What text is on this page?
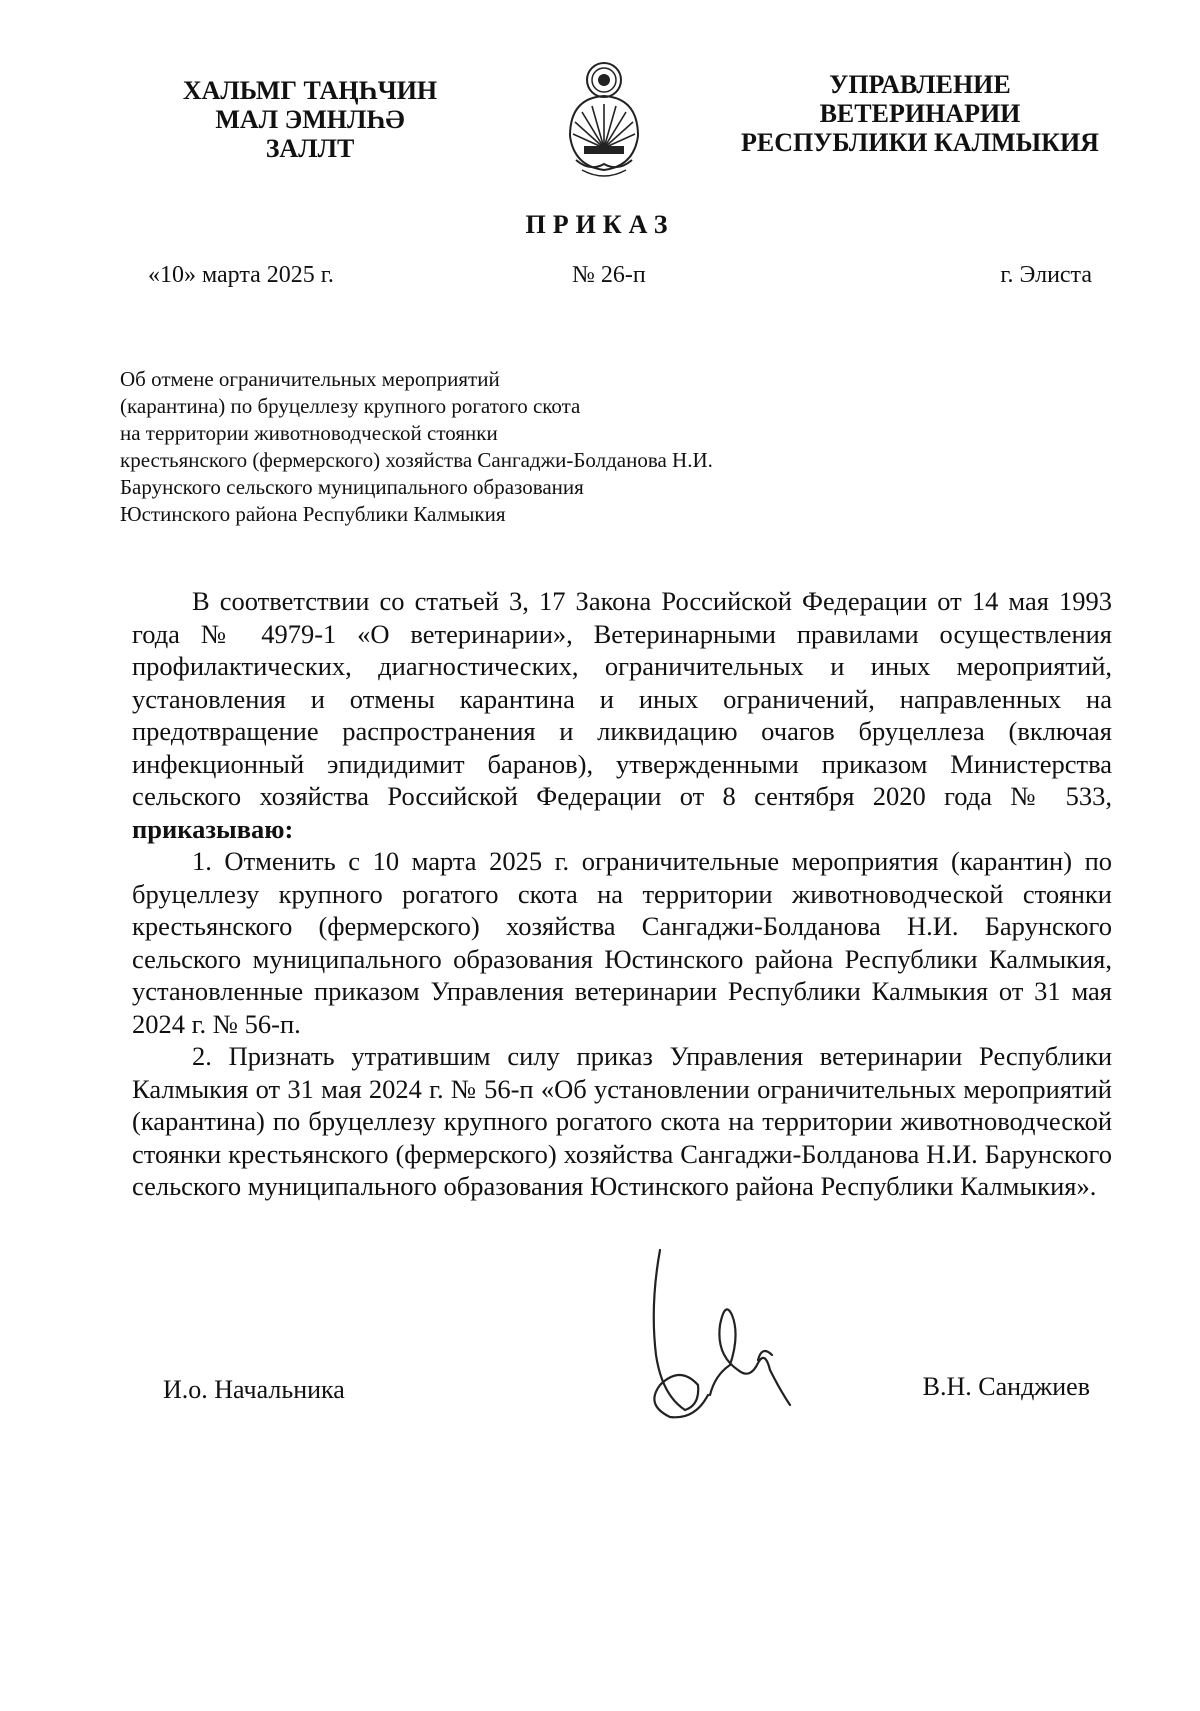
ХАЛЬМГ ТАҢҺЧИН
МАЛ ЭМНЛҺӘ
ЗАЛЛТ
УПРАВЛЕНИЕ
ВЕТЕРИНАРИИ
РЕСПУБЛИКИ КАЛМЫКИЯ
ПРИКАЗ
«10» марта 2025 г.	№ 26-п	г. Элиста
Об отмене ограничительных мероприятий
(карантина) по бруцеллезу крупного рогатого скота
на территории животноводческой стоянки
крестьянского (фермерского) хозяйства Сангаджи-Болданова Н.И.
Барунского сельского муниципального образования
Юстинского района Республики Калмыкия

В соответствии со статьей 3, 17 Закона Российской Федерации от 14 мая 1993 года № 4979-1 «О ветеринарии», Ветеринарными правилами осуществления профилактических, диагностических, ограничительных и иных мероприятий, установления и отмены карантина и иных ограничений, направленных на предотвращение распространения и ликвидацию очагов бруцеллеза (включая инфекционный эпидидимит баранов), утвержденными приказом Министерства сельского хозяйства Российской Федерации от 8 сентября 2020 года № 533, приказываю:

1. Отменить с 10 марта 2025 г. ограничительные мероприятия (карантин) по бруцеллезу крупного рогатого скота на территории животноводческой стоянки крестьянского (фермерского) хозяйства Сангаджи-Болданова Н.И. Барунского сельского муниципального образования Юстинского района Республики Калмыкия, установленные приказом Управления ветеринарии Республики Калмыкия от 31 мая 2024 г. № 56-п.

2. Признать утратившим силу приказ Управления ветеринарии Республики Калмыкия от 31 мая 2024 г. № 56-п «Об установлении ограничительных мероприятий (карантина) по бруцеллезу крупного рогатого скота на территории животноводческой стоянки крестьянского (фермерского) хозяйства Сангаджи-Болданова Н.И. Барунского сельского муниципального образования Юстинского района Республики Калмыкия».

И.о. Начальника	В.Н. Санджиев
